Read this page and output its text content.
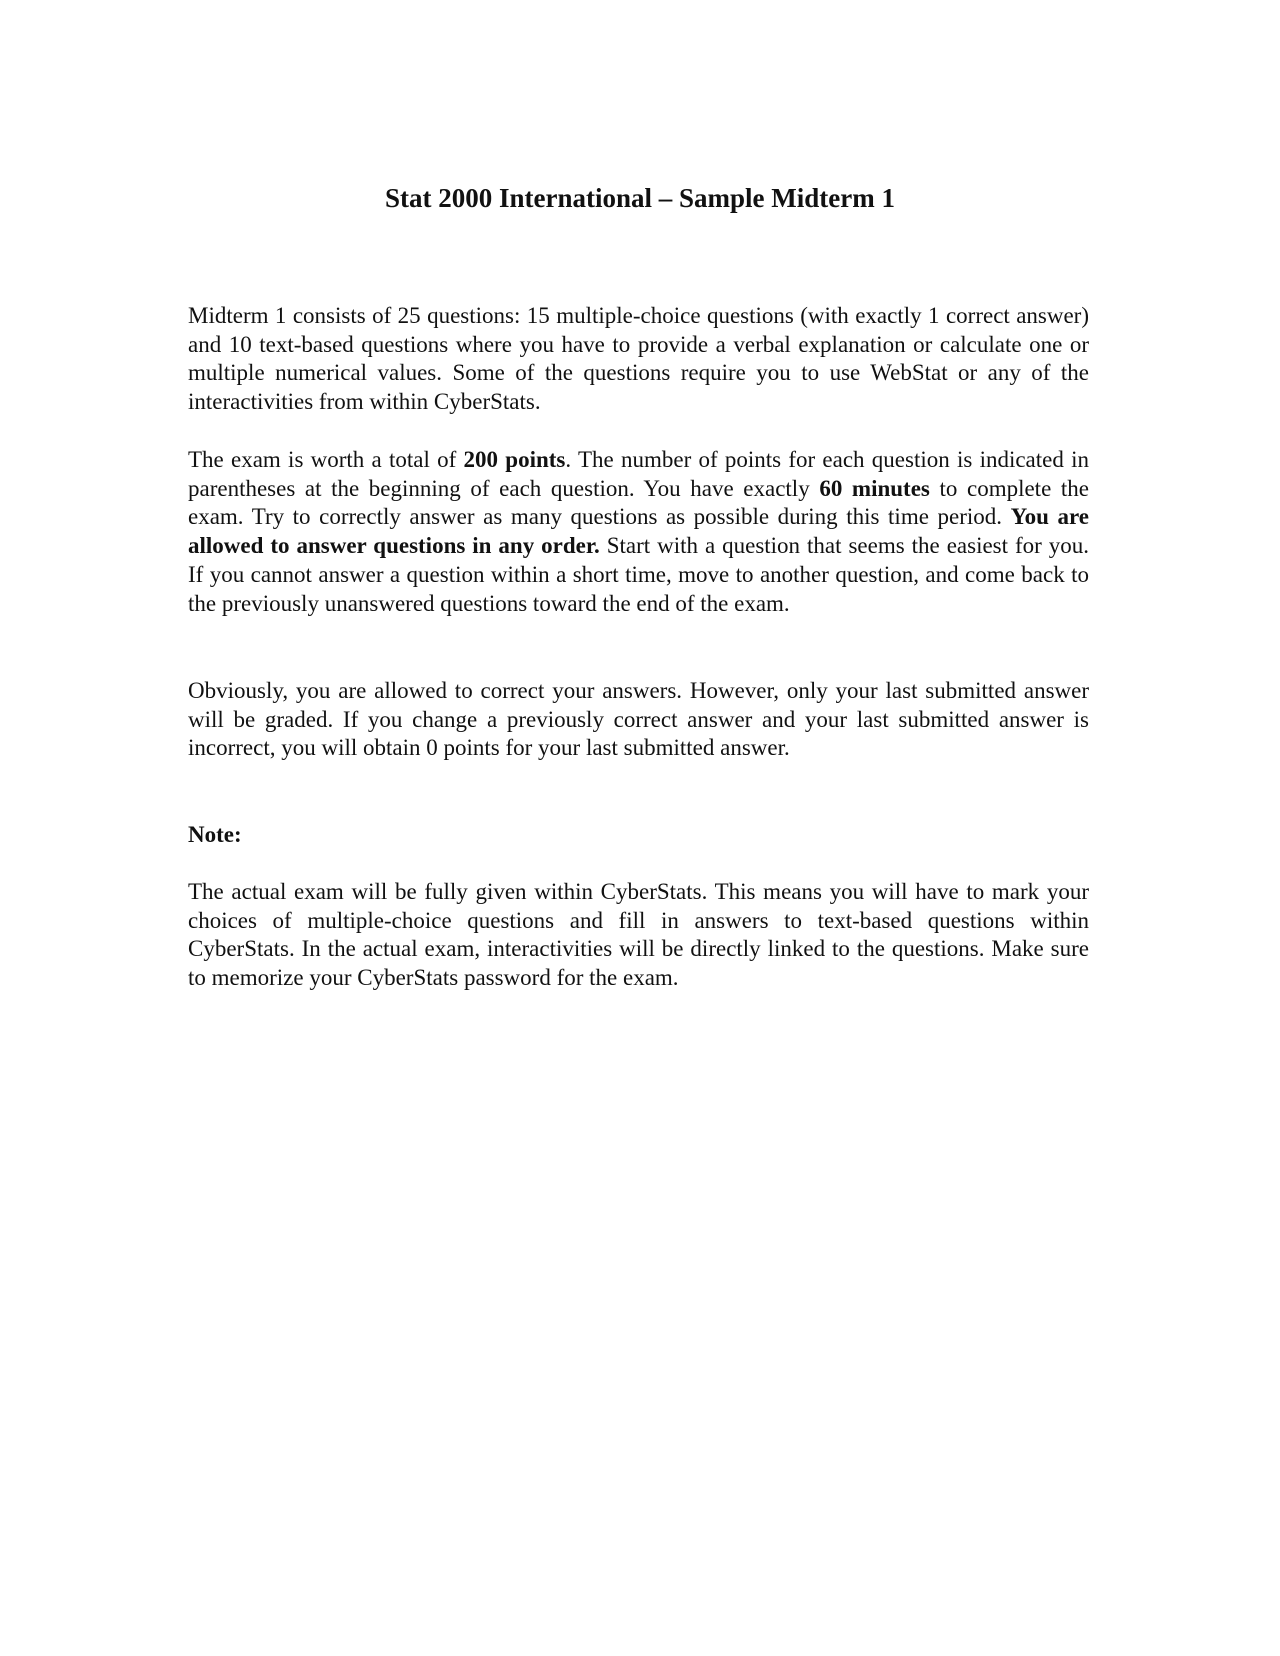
Stat 2000 International – Sample Midterm 1

Midterm 1 consists of 25 questions: 15 multiple-choice questions (with exactly 1 correct answer) and 10 text-based questions where you have to provide a verbal explanation or calculate one or multiple numerical values. Some of the questions require you to use WebStat or any of the interactivities from within CyberStats.

The exam is worth a total of 200 points. The number of points for each question is indicated in parentheses at the beginning of each question. You have exactly 60 minutes to complete the exam. Try to correctly answer as many questions as possible during this time period. You are allowed to answer questions in any order. Start with a question that seems the easiest for you. If you cannot answer a question within a short time, move to another question, and come back to the previously unanswered questions toward the end of the exam.

Obviously, you are allowed to correct your answers. However, only your last submitted answer will be graded. If you change a previously correct answer and your last submitted answer is incorrect, you will obtain 0 points for your last submitted answer.

Note:

The actual exam will be fully given within CyberStats. This means you will have to mark your choices of multiple-choice questions and fill in answers to text-based questions within CyberStats. In the actual exam, interactivities will be directly linked to the questions. Make sure to memorize your CyberStats password for the exam.
